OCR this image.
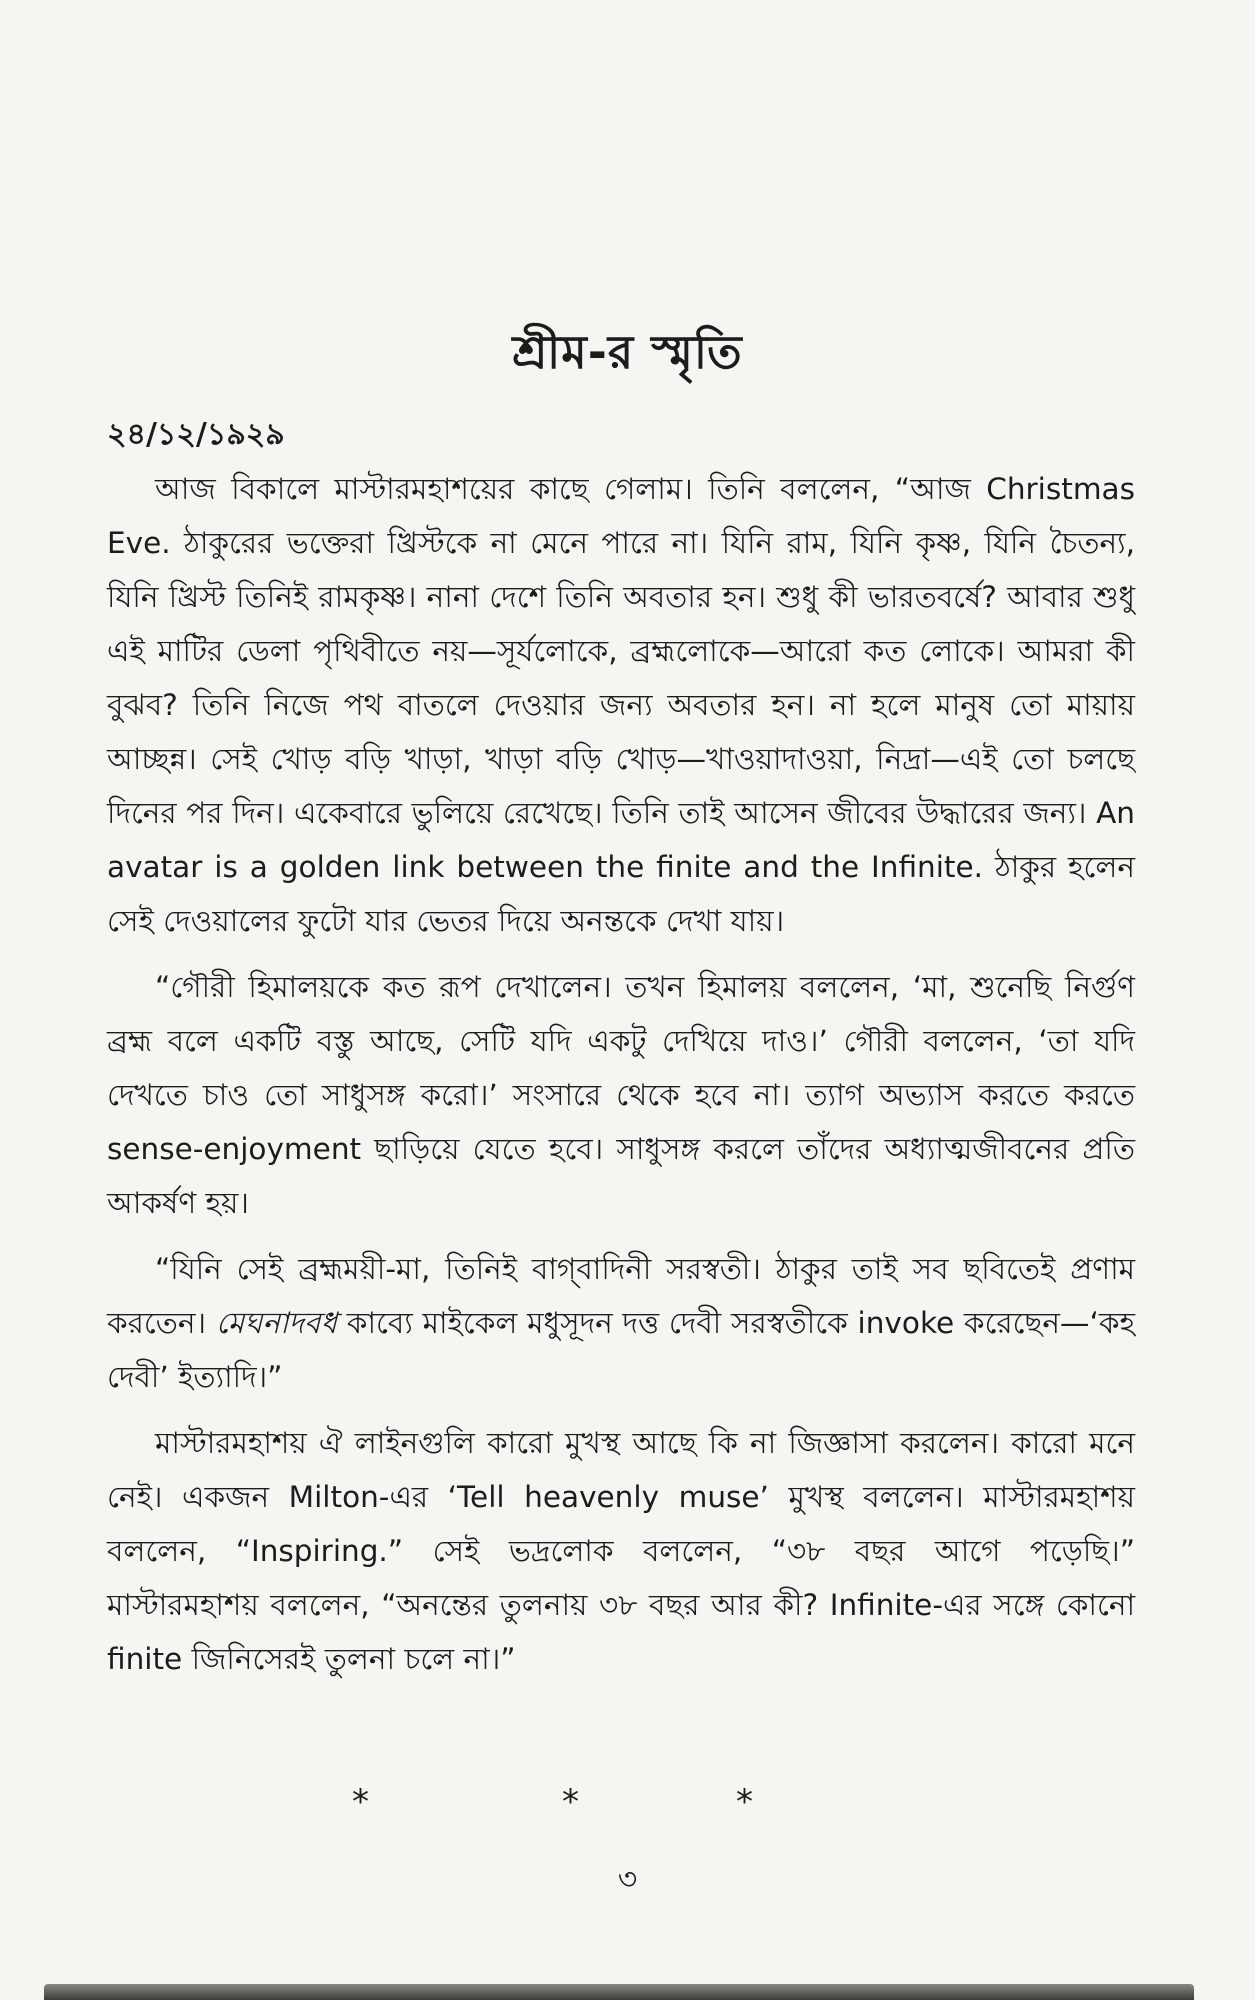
শ্রীম-র স্মৃতি
২৪/১২/১৯২৯

আজ বিকালে মাস্টারমহাশয়ের কাছে গেলাম। তিনি বললেন, “আজ Christmas Eve. ঠাকুরের ভক্তেরা খ্রিস্টকে না মেনে পারে না। যিনি রাম, যিনি কৃষ্ণ, যিনি চৈতন্য, যিনি খ্রিস্ট তিনিই রামকৃষ্ণ। নানা দেশে তিনি অবতার হন। শুধু কী ভারতবর্ষে? আবার শুধু এই মাটির ডেলা পৃথিবীতে নয়—সূর্যলোকে, ব্রহ্মলোকে—আরো কত লোকে। আমরা কী বুঝব? তিনি নিজে পথ বাতলে দেওয়ার জন্য অবতার হন। না হলে মানুষ তো মায়ায় আচ্ছন্ন। সেই খোড় বড়ি খাড়া, খাড়া বড়ি খোড়—খাওয়াদাওয়া, নিদ্রা—এই তো চলছে দিনের পর দিন। একেবারে ভুলিয়ে রেখেছে। তিনি তাই আসেন জীবের উদ্ধারের জন্য। An avatar is a golden link between the finite and the Infinite. ঠাকুর হলেন সেই দেওয়ালের ফুটো যার ভেতর দিয়ে অনন্তকে দেখা যায়।

“গৌরী হিমালয়কে কত রূপ দেখালেন। তখন হিমালয় বললেন, ‘মা, শুনেছি নির্গুণ ব্রহ্ম বলে একটি বস্তু আছে, সেটি যদি একটু দেখিয়ে দাও।’ গৌরী বললেন, ‘তা যদি দেখতে চাও তো সাধুসঙ্গ করো।’ সংসারে থেকে হবে না। ত্যাগ অভ্যাস করতে করতে sense-enjoyment ছাড়িয়ে যেতে হবে। সাধুসঙ্গ করলে তাঁদের অধ্যাত্মজীবনের প্রতি আকর্ষণ হয়।

“যিনি সেই ব্রহ্মময়ী-মা, তিনিই বাগ্‌বাদিনী সরস্বতী। ঠাকুর তাই সব ছবিতেই প্রণাম করতেন। মেঘনাদবধ কাব্যে মাইকেল মধুসূদন দত্ত দেবী সরস্বতীকে invoke করেছেন—‘কহ দেবী’ ইত্যাদি।”

মাস্টারমহাশয় ঐ লাইনগুলি কারো মুখস্থ আছে কি না জিজ্ঞাসা করলেন। কারো মনে নেই। একজন Milton-এর ‘Tell heavenly muse’ মুখস্থ বললেন। মাস্টারমহাশয় বললেন, “Inspiring.” সেই ভদ্রলোক বললেন, “৩৮ বছর আগে পড়েছি।” মাস্টারমহাশয় বললেন, “অনন্তের তুলনায় ৩৮ বছর আর কী? Infinite-এর সঙ্গে কোনো finite জিনিসেরই তুলনা চলে না।”

*	*	*
৩
